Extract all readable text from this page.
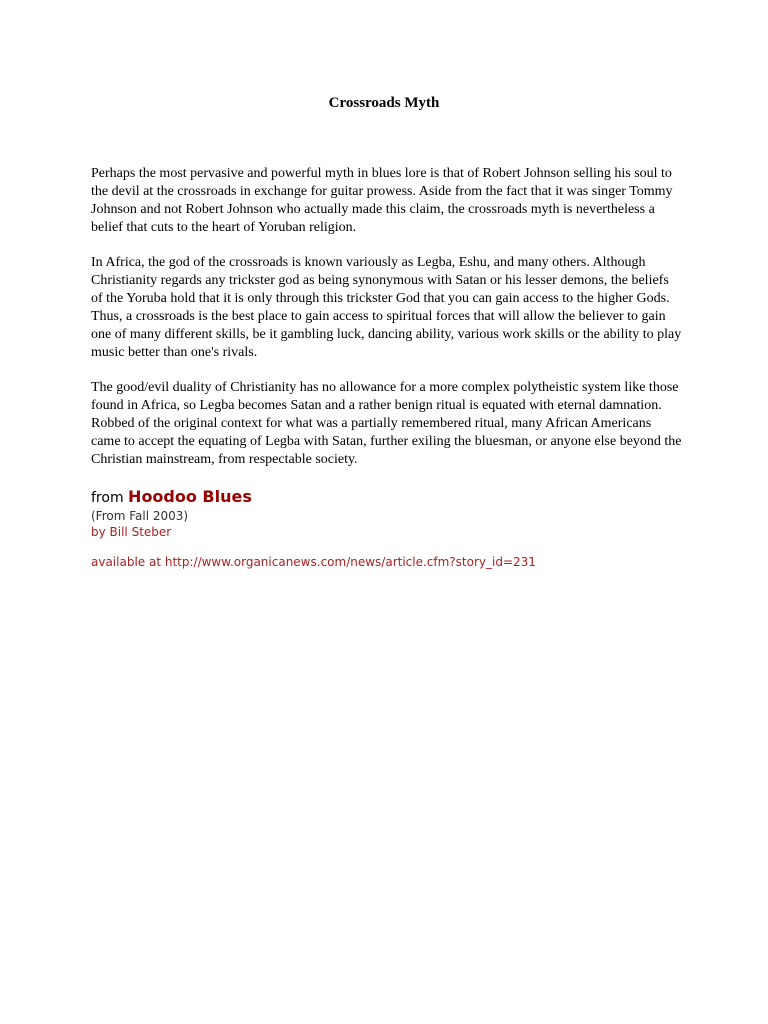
Crossroads Myth

Perhaps the most pervasive and powerful myth in blues lore is that of Robert Johnson selling his soul to the devil at the crossroads in exchange for guitar prowess. Aside from the fact that it was singer Tommy Johnson and not Robert Johnson who actually made this claim, the crossroads myth is nevertheless a belief that cuts to the heart of Yoruban religion.

In Africa, the god of the crossroads is known variously as Legba, Eshu, and many others. Although Christianity regards any trickster god as being synonymous with Satan or his lesser demons, the beliefs of the Yoruba hold that it is only through this trickster God that you can gain access to the higher Gods. Thus, a crossroads is the best place to gain access to spiritual forces that will allow the believer to gain one of many different skills, be it gambling luck, dancing ability, various work skills or the ability to play music better than one's rivals.

The good/evil duality of Christianity has no allowance for a more complex polytheistic system like those found in Africa, so Legba becomes Satan and a rather benign ritual is equated with eternal damnation. Robbed of the original context for what was a partially remembered ritual, many African Americans came to accept the equating of Legba with Satan, further exiling the bluesman, or anyone else beyond the Christian mainstream, from respectable society.

from Hoodoo Blues
(From Fall 2003)
by Bill Steber
available at http://www.organicanews.com/news/article.cfm?story_id=231
